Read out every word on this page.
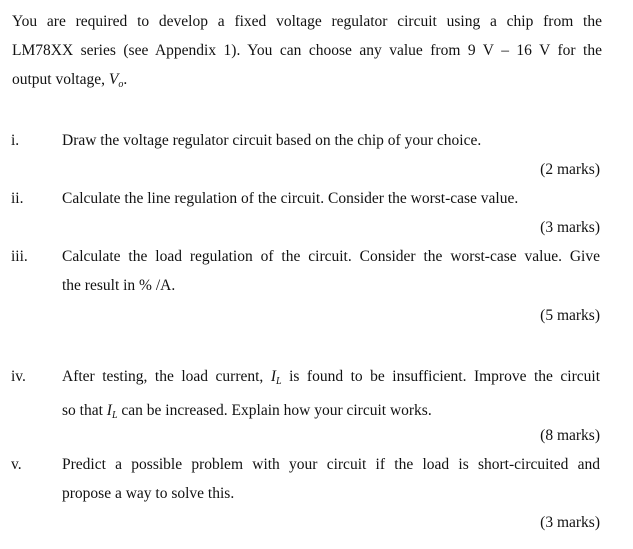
You are required to develop a fixed voltage regulator circuit using a chip from the
LM78XX series (see Appendix 1). You can choose any value from 9 V – 16 V for the
output voltage, $V_o$.
i.	Draw the voltage regulator circuit based on the chip of your choice.
(2 marks)
ii. Calculate the line regulation of the circuit. Consider the worst-case value.
(3 marks)
iii. Calculate the load regulation of the circuit. Consider the worst-case value. Give
the result in % /A.
(5 marks)
iv. After testing, the load current, $I_L$ is found to be insufficient. Improve the circuit
so that $I_L$ can be increased. Explain how your circuit works.
(8 marks)
v.	Predict a possible problem with your circuit if the load is short-circuited and
propose a way to solve this.
(3 marks)
